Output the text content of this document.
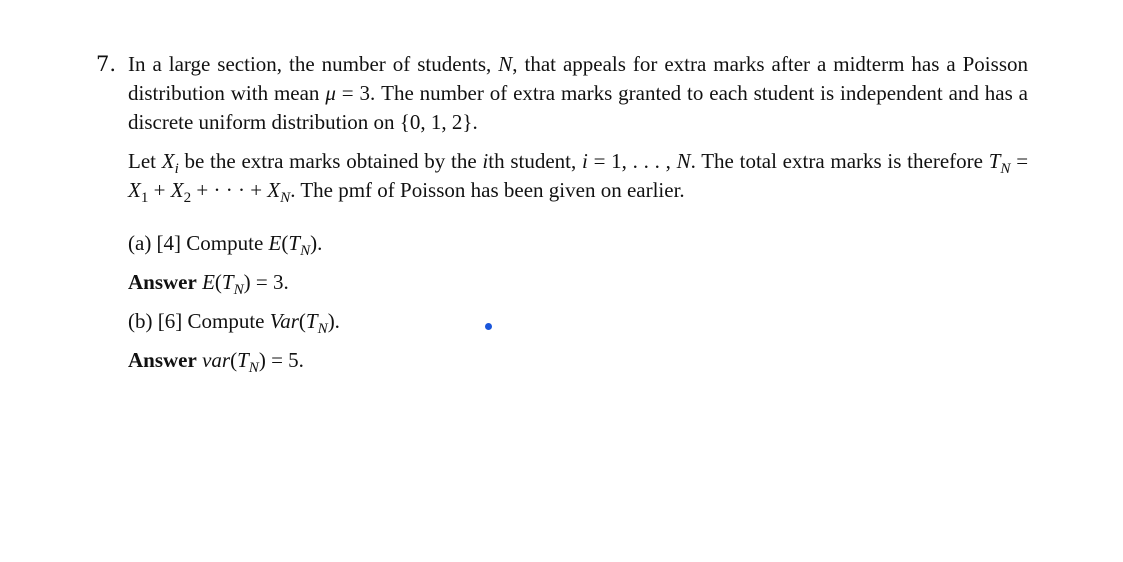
7. In a large section, the number of students, N, that appeals for extra marks after a midterm has a Poisson distribution with mean μ = 3. The number of extra marks granted to each student is independent and has a discrete uniform distribution on {0, 1, 2}.

Let $X_i$ be the extra marks obtained by the ith student, i = 1, . . . , N. The total extra marks is therefore $T_N = X_1 + X_2$ + · · · + $X_N$. The pmf of Poisson has been given on earlier.

(a) [4] Compute $E(T_N)$.
Answer $E(T_N) = 3$.
(b) [6] Compute $Var(T_N)$.
Answer $var(T_N) = 5$.
